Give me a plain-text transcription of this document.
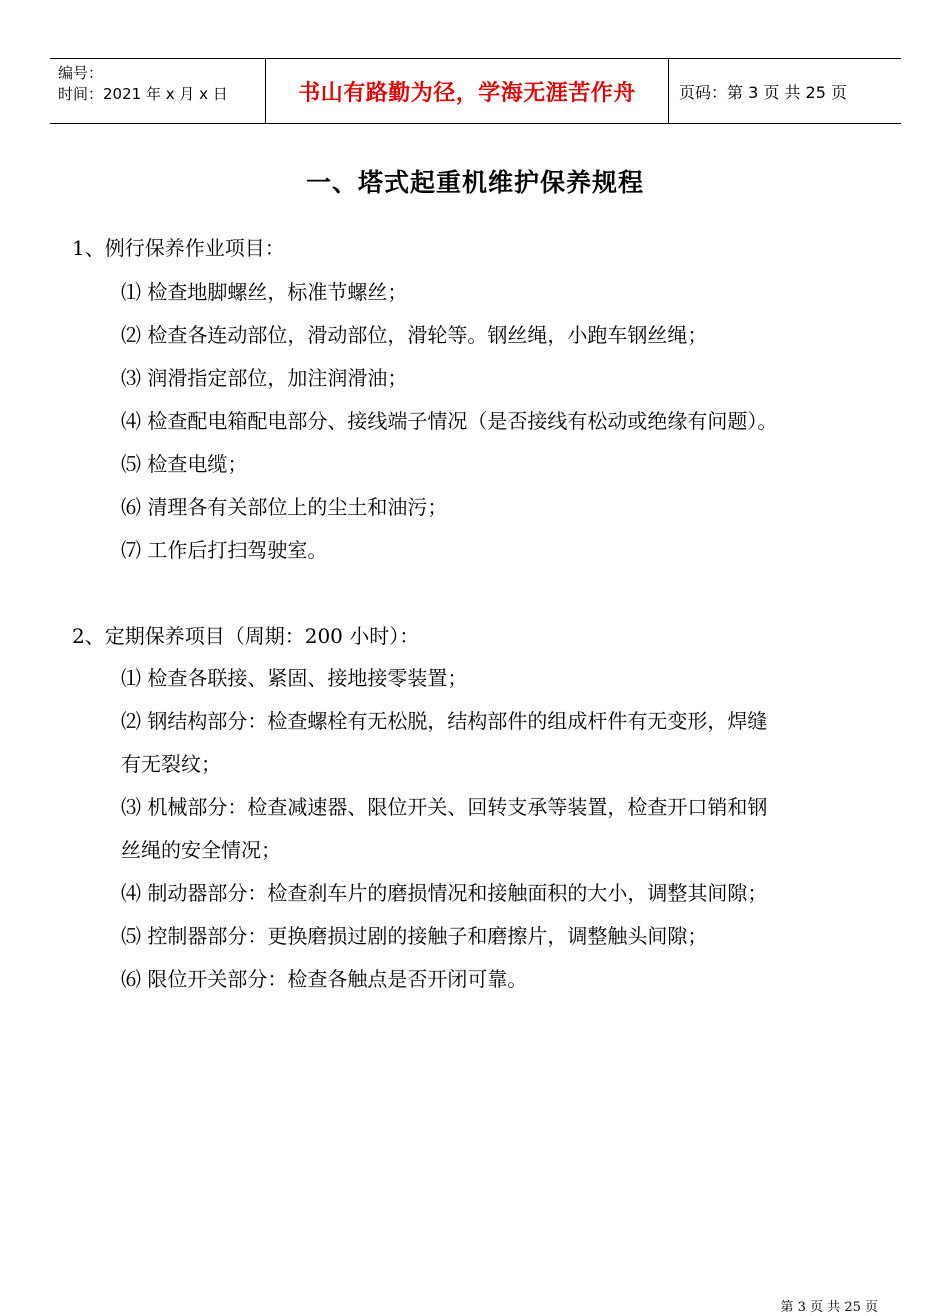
编号：
时间：2021 年 x 月 x 日	书山有路勤为径，学海无涯苦作舟	页码：第 3 页 共 25 页
一、塔式起重机维护保养规程
1、例行保养作业项目：
⑴ 检查地脚螺丝，标准节螺丝；
⑵ 检查各连动部位，滑动部位，滑轮等。钢丝绳，小跑车钢丝绳；
⑶ 润滑指定部位，加注润滑油；
⑷ 检查配电箱配电部分、接线端子情况（是否接线有松动或绝缘有问题）。
⑸ 检查电缆；
⑹ 清理各有关部位上的尘土和油污；
⑺ 工作后打扫驾驶室。
2、定期保养项目（周期：200 小时）：
⑴ 检查各联接、紧固、接地接零装置；
⑵ 钢结构部分：检查螺栓有无松脱，结构部件的组成杆件有无变形，焊缝
有无裂纹；
⑶ 机械部分：检查减速器、限位开关、回转支承等装置，检查开口销和钢
丝绳的安全情况；
⑷ 制动器部分：检查刹车片的磨损情况和接触面积的大小，调整其间隙；
⑸ 控制器部分：更换磨损过剧的接触子和磨擦片，调整触头间隙；
⑹ 限位开关部分：检查各触点是否开闭可靠。
第 3 页 共 25 页
